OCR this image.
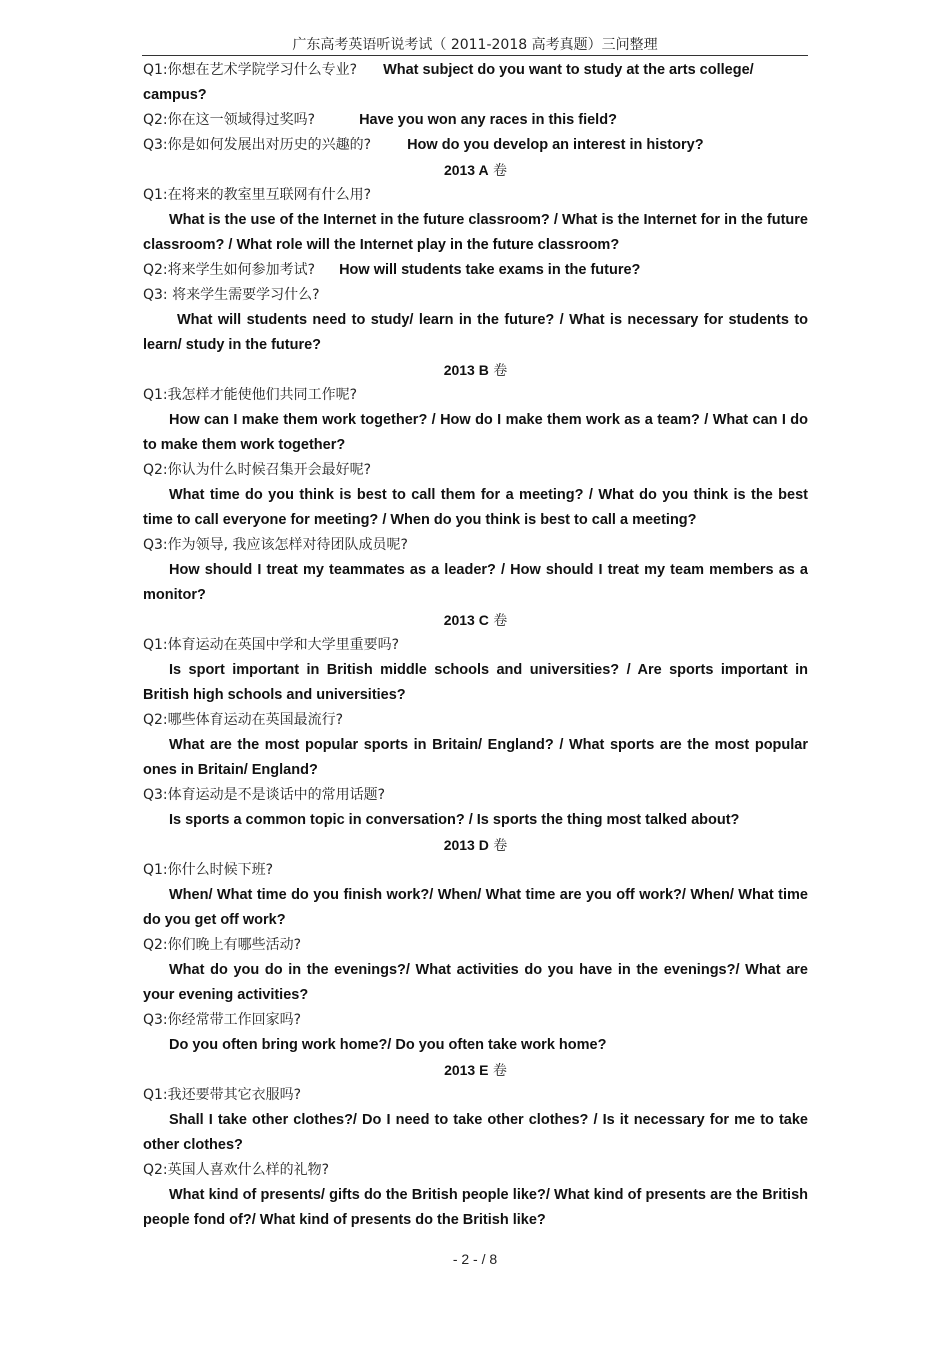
广东高考英语听说考试（ 2011-2018 高考真题）三问整理
Q1:你想在艺术学院学习什么专业? What subject do you want to study at the arts college/
campus?
Q2:你在这一领域得过奖吗?	Have you won any races in this field?
Q3:你是如何发展出对历史的兴趣的? How do you develop an interest in history?
2013 A 卷
Q1:在将来的教室里互联网有什么用?
What is the use of the Internet in the future classroom? / What is the Internet for in the future classroom? / What role will the Internet play in the future classroom?
Q2:将来学生如何参加考试? How will students take exams in the future?
Q3: 将来学生需要学习什么?
What will students need to study/ learn in the future? / What is necessary for students to learn/ study in the future?
2013 B 卷
Q1:我怎样才能使他们共同工作呢?
How can I make them work together? / How do I make them work as a team? / What can I do to make them work together?
Q2:你认为什么时候召集开会最好呢?
What time do you think is best to call them for a meeting? / What do you think is the best time to call everyone for meeting? / When do you think is best to call a meeting?
Q3:作为领导, 我应该怎样对待团队成员呢?
How should I treat my teammates as a leader? / How should I treat my team members as a monitor?
2013 C 卷
Q1:体育运动在英国中学和大学里重要吗?
Is sport important in British middle schools and universities? / Are sports important in British high schools and universities?
Q2:哪些体育运动在英国最流行?
What are the most popular sports in Britain/ England? / What sports are the most popular ones in Britain/ England?
Q3:体育运动是不是谈话中的常用话题?
Is sports a common topic in conversation? / Is sports the thing most talked about?
2013 D 卷
Q1:你什么时候下班?
When/ What time do you finish work?/ When/ What time are you off work?/ When/ What time do you get off work?
Q2:你们晚上有哪些活动?
What do you do in the evenings?/ What activities do you have in the evenings?/ What are your evening activities?
Q3:你经常带工作回家吗?
Do you often bring work home?/ Do you often take work home?
2013 E 卷
Q1:我还要带其它衣服吗?
Shall I take other clothes?/ Do I need to take other clothes? / Is it necessary for me to take other clothes?
Q2:英国人喜欢什么样的礼物?
What kind of presents/ gifts do the British people like?/ What kind of presents are the British people fond of?/ What kind of presents do the British like?
- 2 - / 8
